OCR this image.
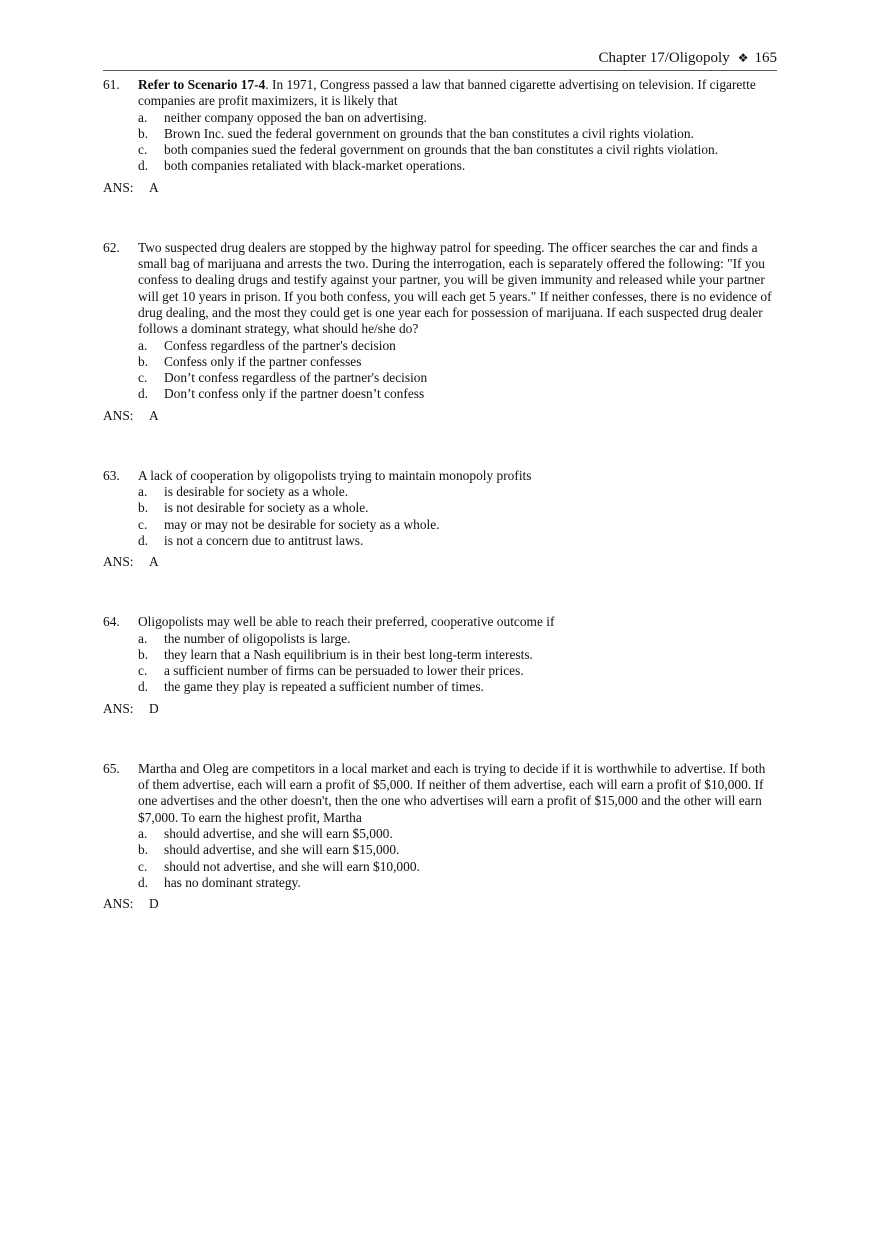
Chapter 17/Oligopoly ❖ 165
61. Refer to Scenario 17-4. In 1971, Congress passed a law that banned cigarette advertising on television. If cigarette companies are profit maximizers, it is likely that
a. neither company opposed the ban on advertising.
b. Brown Inc. sued the federal government on grounds that the ban constitutes a civil rights violation.
c. both companies sued the federal government on grounds that the ban constitutes a civil rights violation.
d. both companies retaliated with black-market operations.
ANS: A
62. Two suspected drug dealers are stopped by the highway patrol for speeding. The officer searches the car and finds a small bag of marijuana and arrests the two. During the interrogation, each is separately offered the following: "If you confess to dealing drugs and testify against your partner, you will be given immunity and released while your partner will get 10 years in prison. If you both confess, you will each get 5 years." If neither confesses, there is no evidence of drug dealing, and the most they could get is one year each for possession of marijuana. If each suspected drug dealer follows a dominant strategy, what should he/she do?
a. Confess regardless of the partner's decision
b. Confess only if the partner confesses
c. Don’t confess regardless of the partner's decision
d. Don’t confess only if the partner doesn’t confess
ANS: A
63. A lack of cooperation by oligopolists trying to maintain monopoly profits
a. is desirable for society as a whole.
b. is not desirable for society as a whole.
c. may or may not be desirable for society as a whole.
d. is not a concern due to antitrust laws.
ANS: A
64. Oligopolists may well be able to reach their preferred, cooperative outcome if
a. the number of oligopolists is large.
b. they learn that a Nash equilibrium is in their best long-term interests.
c. a sufficient number of firms can be persuaded to lower their prices.
d. the game they play is repeated a sufficient number of times.
ANS: D
65. Martha and Oleg are competitors in a local market and each is trying to decide if it is worthwhile to advertise. If both of them advertise, each will earn a profit of $5,000. If neither of them advertise, each will earn a profit of $10,000. If one advertises and the other doesn't, then the one who advertises will earn a profit of $15,000 and the other will earn $7,000. To earn the highest profit, Martha
a. should advertise, and she will earn $5,000.
b. should advertise, and she will earn $15,000.
c. should not advertise, and she will earn $10,000.
d. has no dominant strategy.
ANS: D
